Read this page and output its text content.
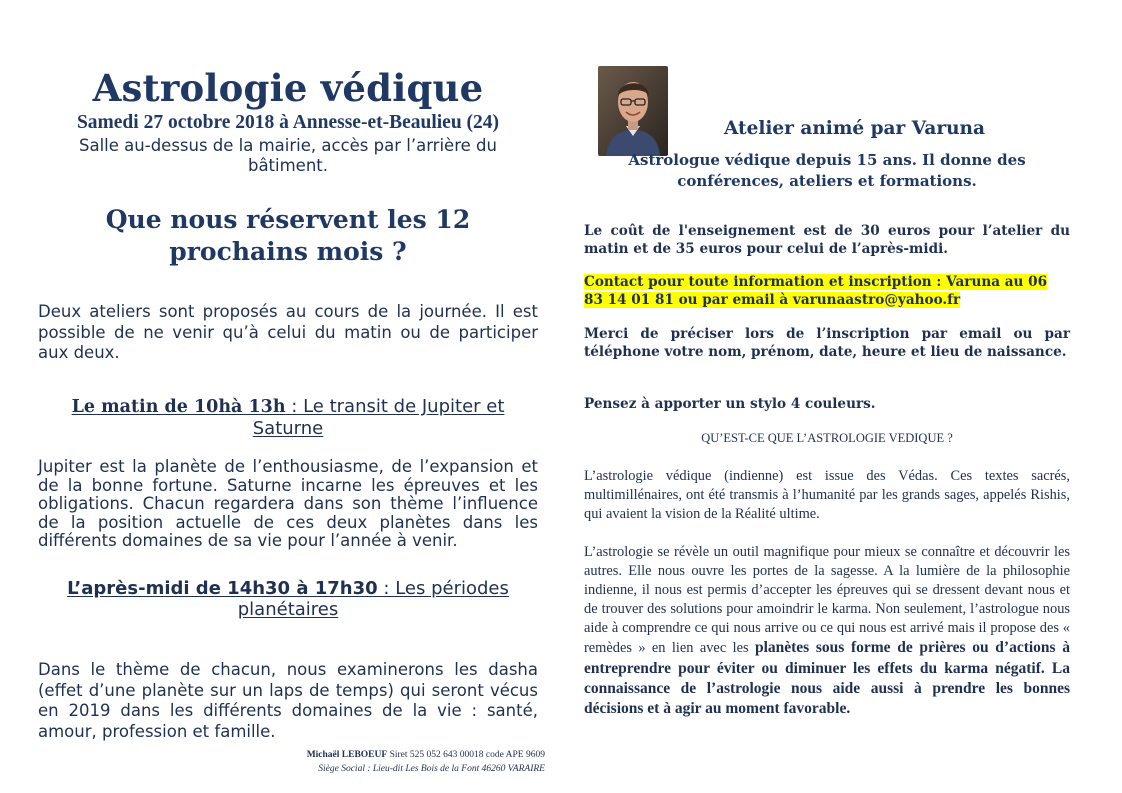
Astrologie védique
Samedi 27 octobre 2018 à Annesse-et-Beaulieu (24)
Salle au-dessus de la mairie, accès par l’arrière du bâtiment.
Que nous réservent les 12 prochains mois ?
Deux ateliers sont proposés au cours de la journée. Il est possible de ne venir qu’à celui du matin ou de participer aux deux.
Le matin de 10hà 13h : Le transit de Jupiter et Saturne
Jupiter est la planète de l’enthousiasme, de l’expansion et de la bonne fortune. Saturne incarne les épreuves et les obligations. Chacun regardera dans son thème l’influence de la position actuelle de ces deux planètes dans les différents domaines de sa vie pour l’année à venir.
L’après-midi de 14h30 à 17h30 : Les périodes planétaires
Dans le thème de chacun, nous examinerons les dasha (effet d’une planète sur un laps de temps) qui seront vécus en 2019 dans les différents domaines de la vie : santé, amour, profession et famille.
Michaël LEBOEUF Siret 525 052 643 00018 code APE 9609
Siège Social : Lieu-dit Les Bois de la Font 46260 VARAIRE
Atelier animé par Varuna
Astrologue védique depuis 15 ans. Il donne des conférences, ateliers et formations.
Le coût de l'enseignement est de 30 euros pour l’atelier du matin et de 35 euros pour celui de l’après-midi.
Contact pour toute information et inscription : Varuna au 06 83 14 01 81 ou par email à varunaastro@yahoo.fr
Merci de préciser lors de l’inscription par email ou par téléphone votre nom, prénom, date, heure et lieu de naissance.
Pensez à apporter un stylo 4 couleurs.
QU’EST-CE QUE L’ASTROLOGIE VEDIQUE ?
L’astrologie védique (indienne) est issue des Védas. Ces textes sacrés, multimillénaires, ont été transmis à l’humanité par les grands sages, appelés Rishis, qui avaient la vision de la Réalité ultime.
L’astrologie se révèle un outil magnifique pour mieux se connaître et découvrir les autres. Elle nous ouvre les portes de la sagesse. A la lumière de la philosophie indienne, il nous est permis d’accepter les épreuves qui se dressent devant nous et de trouver des solutions pour amoindrir le karma. Non seulement, l’astrologue nous aide à comprendre ce qui nous arrive ou ce qui nous est arrivé mais il propose des « remèdes » en lien avec les planètes sous forme de prières ou d’actions à entreprendre pour éviter ou diminuer les effets du karma négatif. La connaissance de l’astrologie nous aide aussi à prendre les bonnes décisions et à agir au moment favorable.
